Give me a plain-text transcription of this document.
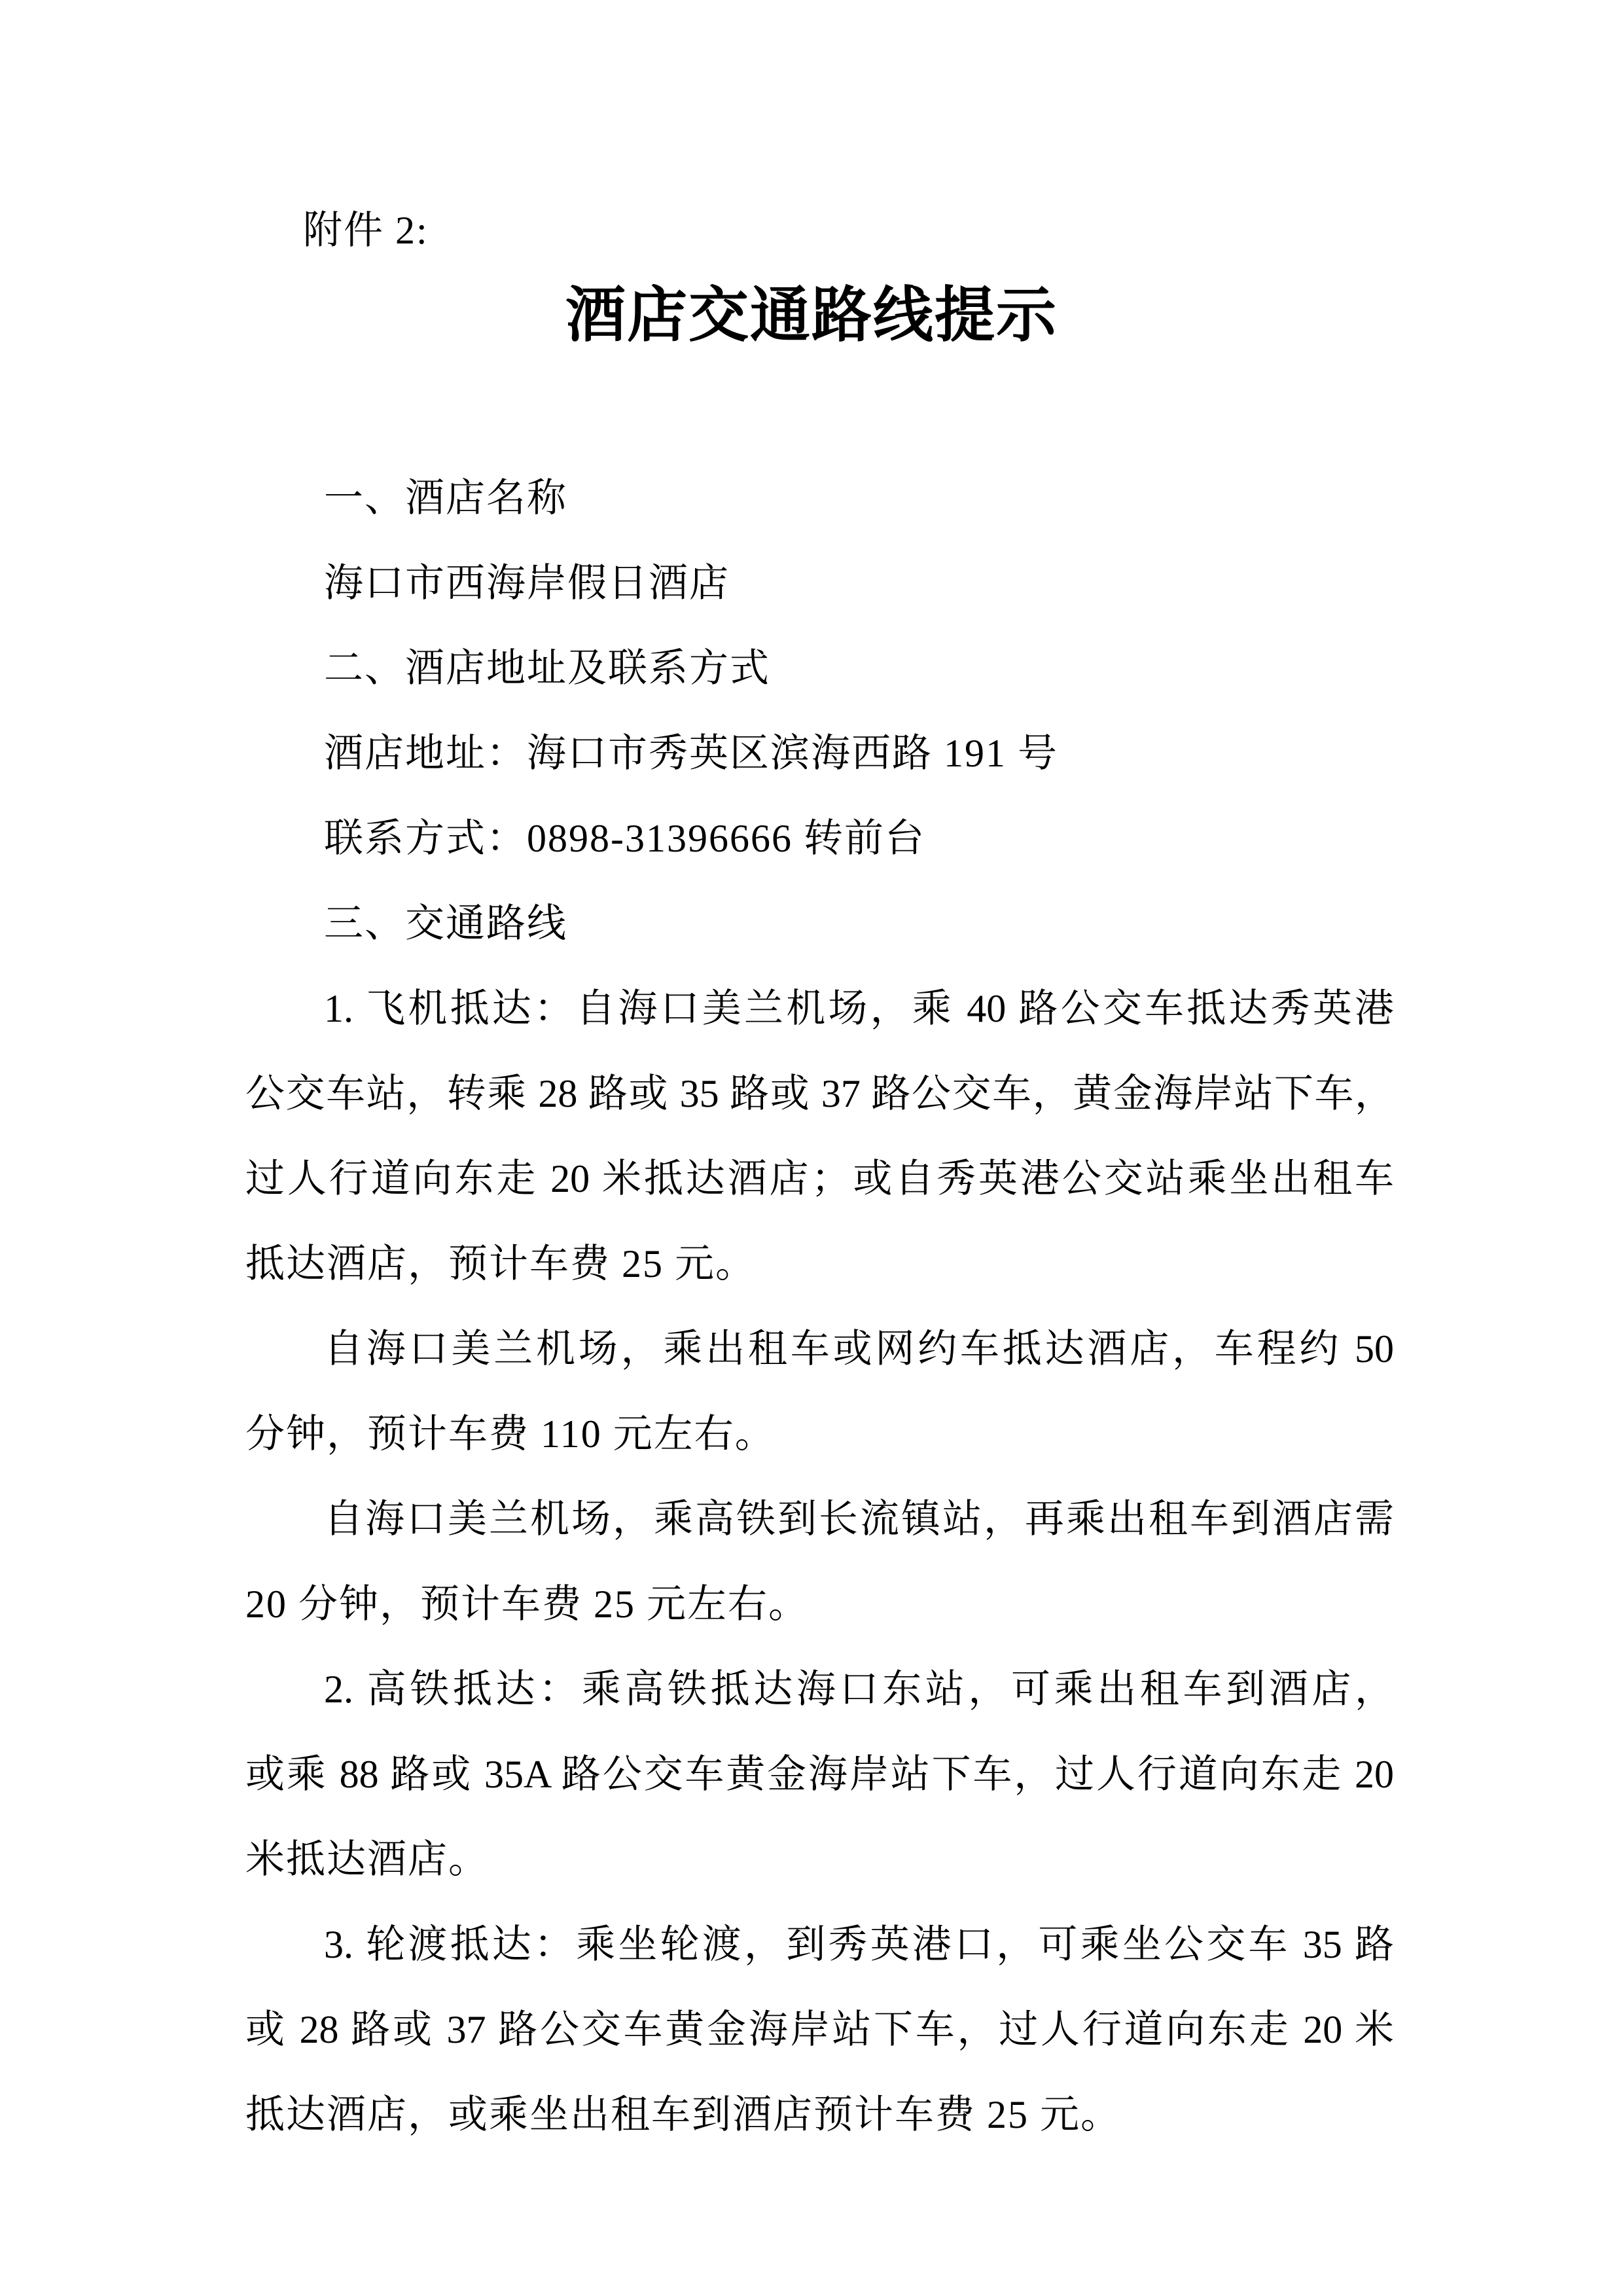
附件 2:
酒店交通路线提示
一、酒店名称
海口市西海岸假日酒店
二、酒店地址及联系方式
酒店地址：海口市秀英区滨海西路 191 号
联系方式：0898-31396666 转前台
三、交通路线
1. 飞机抵达：自海口美兰机场，乘 40 路公交车抵达秀英港
公交车站，转乘 28 路或 35 路或 37 路公交车，黄金海岸站下车，
过人行道向东走 20 米抵达酒店；或自秀英港公交站乘坐出租车
抵达酒店，预计车费 25 元。
自海口美兰机场，乘出租车或网约车抵达酒店，车程约 50
分钟，预计车费 110 元左右。
自海口美兰机场，乘高铁到长流镇站，再乘出租车到酒店需
20 分钟，预计车费 25 元左右。
2. 高铁抵达：乘高铁抵达海口东站，可乘出租车到酒店，
或乘 88 路或 35A 路公交车黄金海岸站下车，过人行道向东走 20
米抵达酒店。
3. 轮渡抵达：乘坐轮渡，到秀英港口，可乘坐公交车 35 路
或 28 路或 37 路公交车黄金海岸站下车，过人行道向东走 20 米
抵达酒店，或乘坐出租车到酒店预计车费 25 元。
